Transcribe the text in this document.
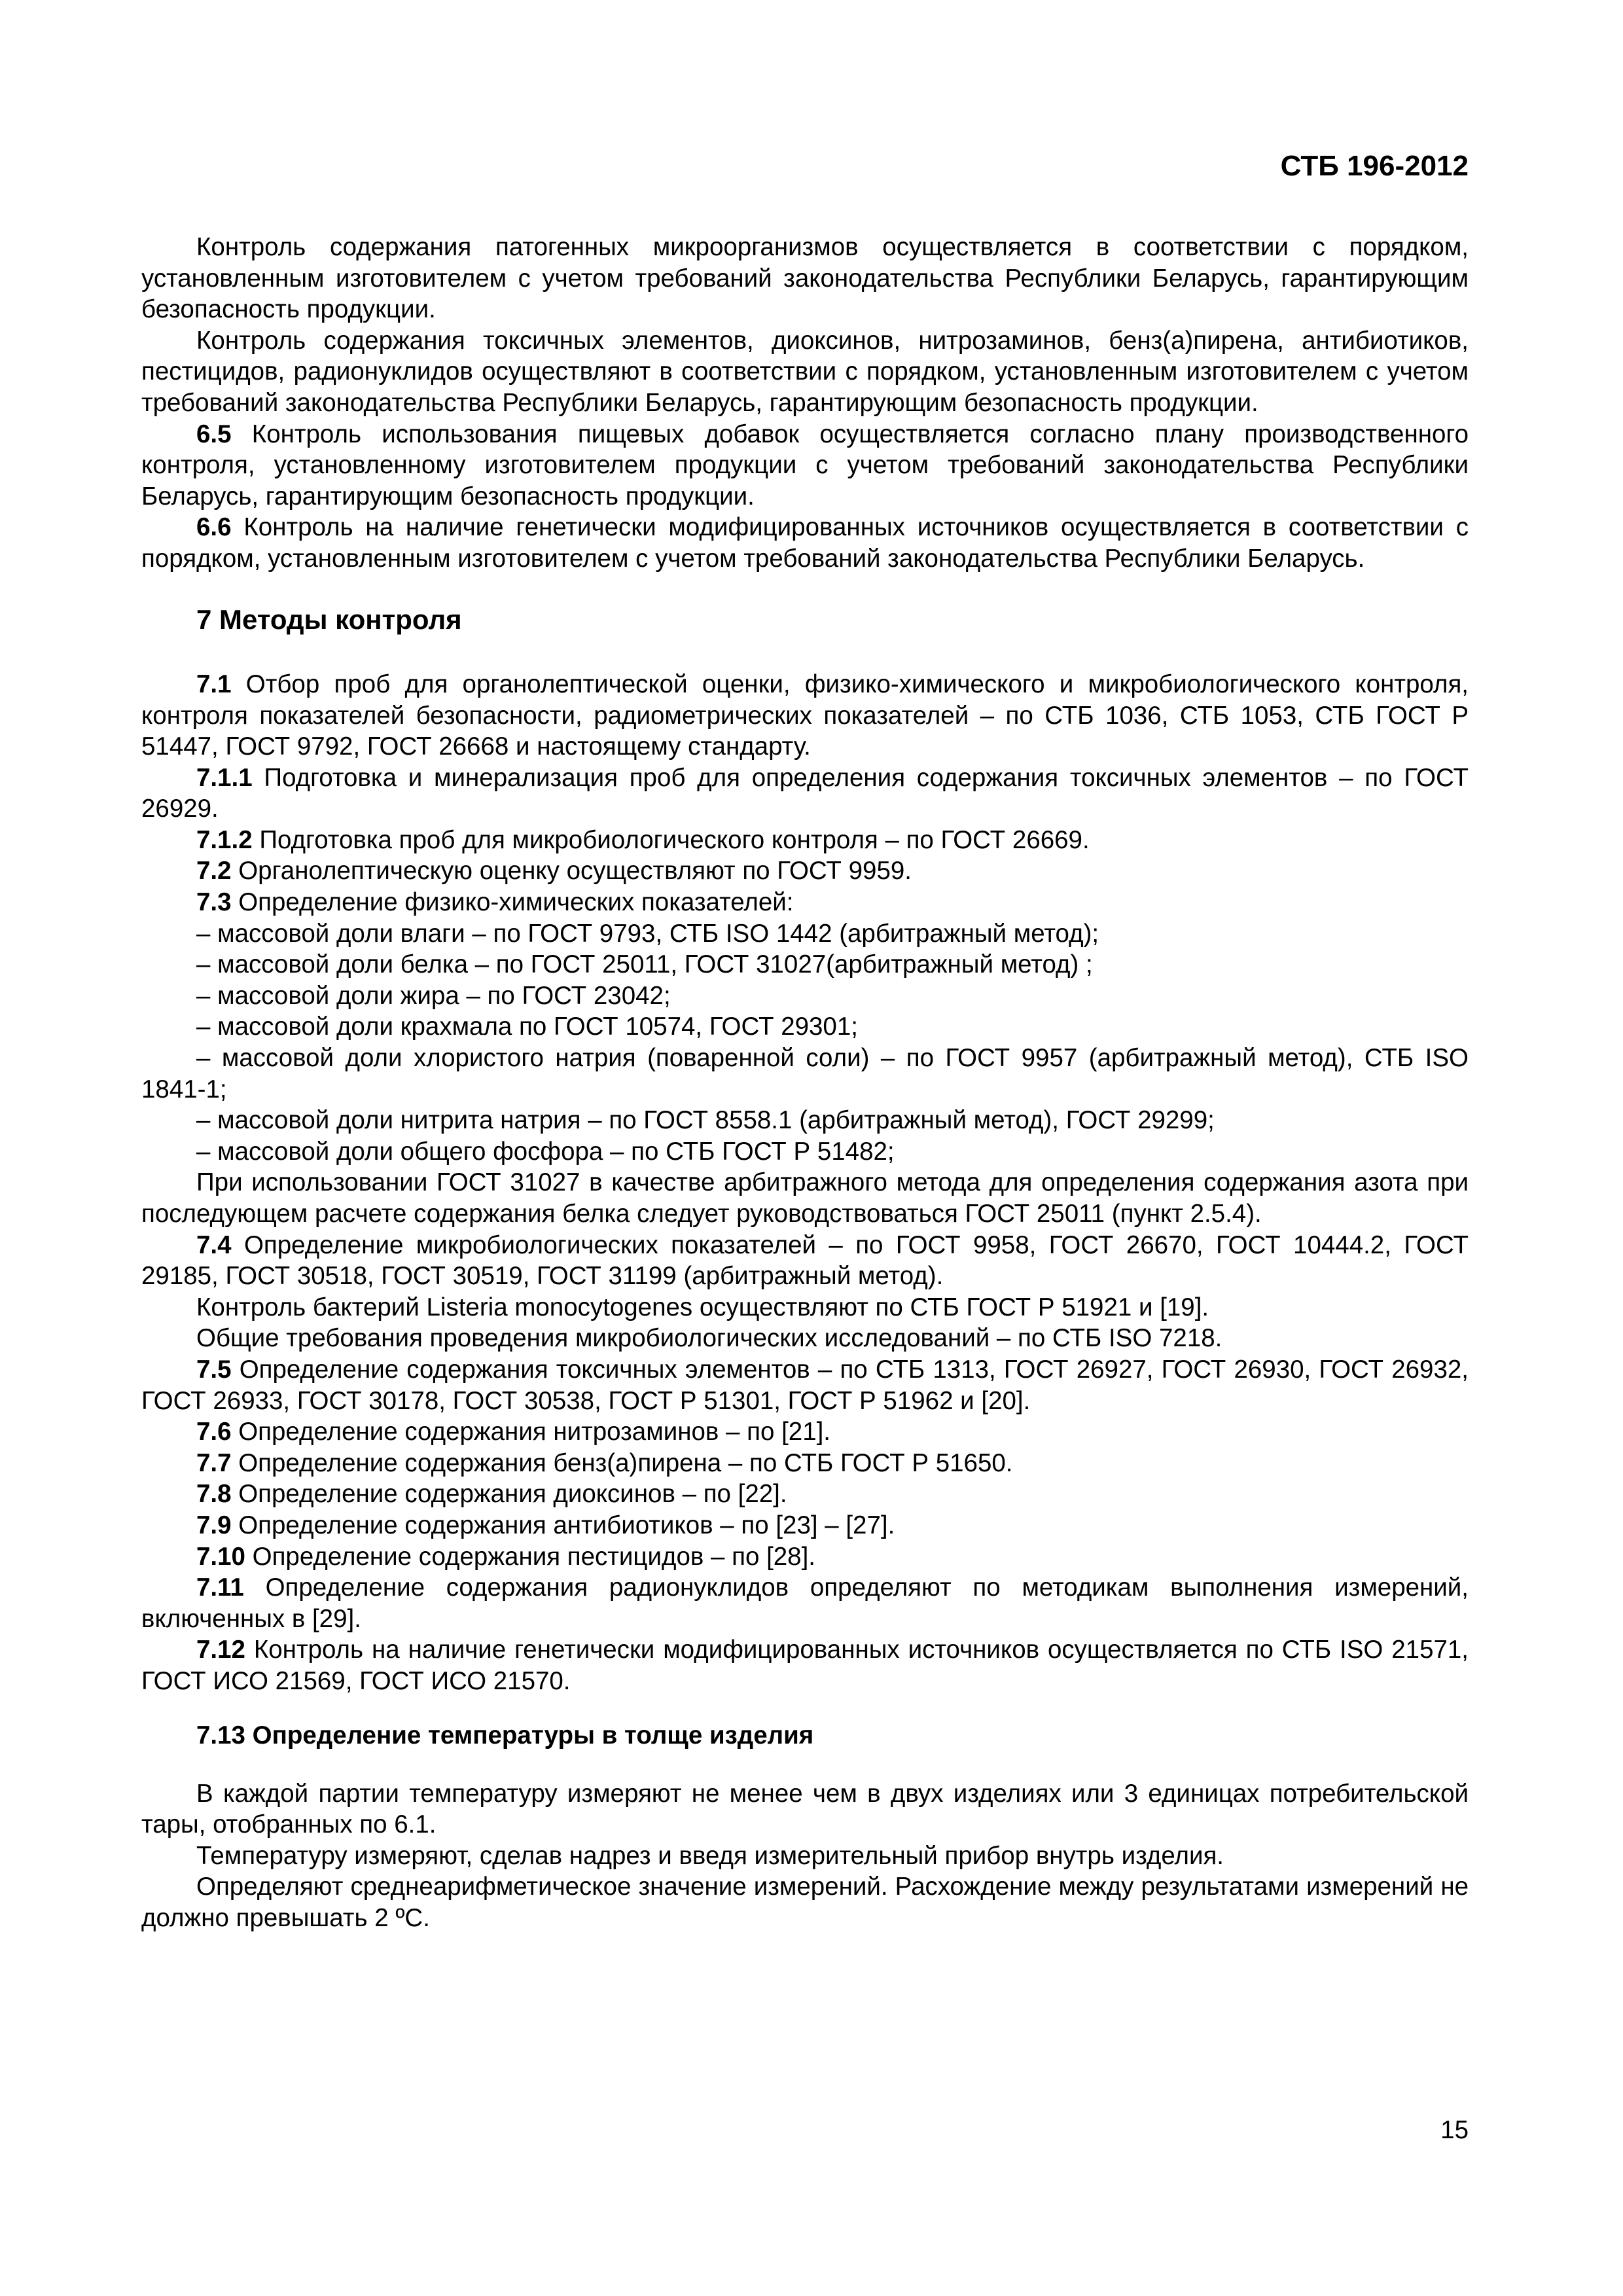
СТБ 196-2012

Контроль содержания патогенных микроорганизмов осуществляется в соответствии с порядком, установленным изготовителем с учетом требований законодательства Республики Беларусь, гарантирующим безопасность продукции.

Контроль содержания токсичных элементов, диоксинов, нитрозаминов, бенз(а)пирена, антибиотиков, пестицидов, радионуклидов осуществляют в соответствии с порядком, установленным изготовителем с учетом требований законодательства Республики Беларусь, гарантирующим безопасность продукции.

6.5 Контроль использования пищевых добавок осуществляется согласно плану производственного контроля, установленному изготовителем продукции с учетом требований законодательства Республики Беларусь, гарантирующим безопасность продукции.

6.6 Контроль на наличие генетически модифицированных источников осуществляется в соответствии с порядком, установленным изготовителем с учетом требований законодательства Республики Беларусь.

7 Методы контроля

7.1 Отбор проб для органолептической оценки, физико-химического и микробиологического контроля, контроля показателей безопасности, радиометрических показателей – по СТБ 1036, СТБ 1053, СТБ ГОСТ Р 51447, ГОСТ 9792, ГОСТ 26668 и настоящему стандарту.

7.1.1 Подготовка и минерализация проб для определения содержания токсичных элементов – по ГОСТ 26929.

7.1.2 Подготовка проб для микробиологического контроля – по ГОСТ 26669.

7.2 Органолептическую оценку осуществляют по ГОСТ 9959.

7.3 Определение физико-химических показателей:

– массовой доли влаги – по ГОСТ 9793, СТБ ISO 1442 (арбитражный метод);

– массовой доли белка – по ГОСТ 25011, ГОСТ 31027(арбитражный метод) ;

– массовой доли жира – по ГОСТ 23042;

– массовой доли крахмала по ГОСТ 10574, ГОСТ 29301;

– массовой доли хлористого натрия (поваренной соли) – по ГОСТ 9957 (арбитражный метод), СТБ ISO 1841-1;

– массовой доли нитрита натрия – по ГОСТ 8558.1 (арбитражный метод), ГОСТ 29299;

– массовой доли общего фосфора – по СТБ ГОСТ Р 51482;

При использовании ГОСТ 31027 в качестве арбитражного метода для определения содержания азота при последующем расчете содержания белка следует руководствоваться ГОСТ 25011 (пункт 2.5.4).

7.4 Определение микробиологических показателей – по ГОСТ 9958, ГОСТ 26670, ГОСТ 10444.2, ГОСТ 29185, ГОСТ 30518, ГОСТ 30519, ГОСТ 31199 (арбитражный метод).

Контроль бактерий Listeria monocytogenes осуществляют по СТБ ГОСТ Р 51921 и [19].

Общие требования проведения микробиологических исследований – по СТБ ISO 7218.

7.5 Определение содержания токсичных элементов – по СТБ 1313, ГОСТ 26927, ГОСТ 26930, ГОСТ 26932, ГОСТ 26933, ГОСТ 30178, ГОСТ 30538, ГОСТ Р 51301, ГОСТ Р 51962 и [20].

7.6 Определение содержания нитрозаминов – по [21].

7.7 Определение содержания бенз(а)пирена – по СТБ ГОСТ Р 51650.

7.8 Определение содержания диоксинов – по [22].

7.9 Определение содержания антибиотиков – по [23] – [27].

7.10 Определение содержания пестицидов – по [28].

7.11 Определение содержания радионуклидов определяют по методикам выполнения измерений, включенных в [29].

7.12 Контроль на наличие генетически модифицированных источников осуществляется по СТБ ISO 21571, ГОСТ ИСО 21569, ГОСТ ИСО 21570.

7.13 Определение температуры в толще изделия

В каждой партии температуру измеряют не менее чем в двух изделиях или 3 единицах потребительской тары, отобранных по 6.1.

Температуру измеряют, сделав надрез и введя измерительный прибор внутрь изделия.

Определяют среднеарифметическое значение измерений. Расхождение между результатами измерений не должно превышать 2 ºС.

15
